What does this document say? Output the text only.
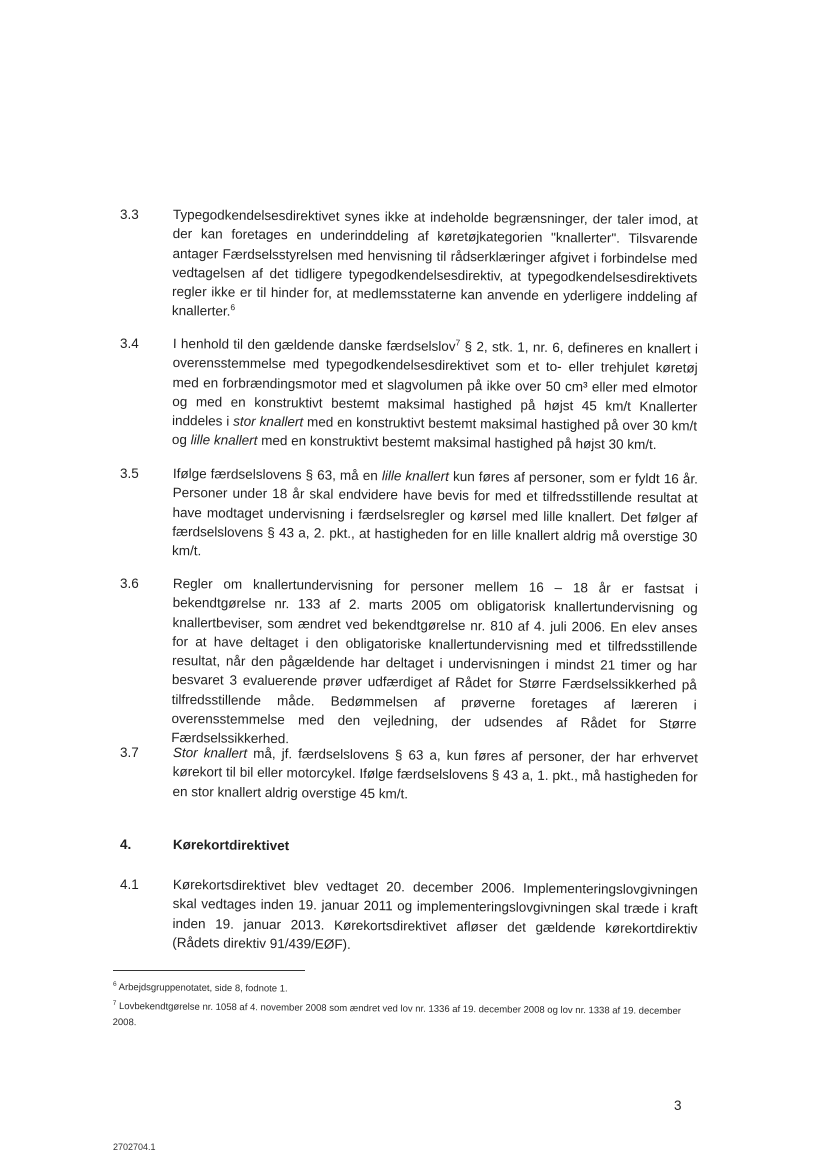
3.3	Typegodkendelsesdirektivet synes ikke at indeholde begrænsninger, der taler imod, at der kan foretages en underinddeling af køretøjkategorien "knallerter". Tilsvarende antager Færdselsstyrelsen med henvisning til rådserklæringer afgivet i forbindelse med vedtagelsen af det tidligere typegodkendelsesdirektiv, at typegodkendelsesdirektivets regler ikke er til hinder for, at medlemsstaterne kan anvende en yderligere inddeling af knallerter.$^6$
3.4	I henhold til den gældende danske færdselslov$^7$ § 2, stk. 1, nr. 6, defineres en knallert i overensstemmelse med typegodkendelsesdirektivet som et to- eller trehjulet køretøj med en forbrændingsmotor med et slagvolumen på ikke over 50 cm³ eller med elmotor og med en konstruktivt bestemt maksimal hastighed på højst 45 km/t Knallerter inddeles i stor knallert med en konstruktivt bestemt maksimal hastighed på over 30 km/t og lille knallert med en konstruktivt bestemt maksimal hastighed på højst 30 km/t.
3.5	Ifølge færdselslovens § 63, må en lille knallert kun føres af personer, som er fyldt 16 år. Personer under 18 år skal endvidere have bevis for med et tilfredsstillende resultat at have modtaget undervisning i færdselsregler og kørsel med lille knallert. Det følger af færdselslovens § 43 a, 2. pkt., at hastigheden for en lille knallert aldrig må overstige 30 km/t.
3.6	Regler om knallertundervisning for personer mellem 16 – 18 år er fastsat i bekendtgørelse nr. 133 af 2. marts 2005 om obligatorisk knallertundervisning og knallertbeviser, som ændret ved bekendtgørelse nr. 810 af 4. juli 2006. En elev anses for at have deltaget i den obligatoriske knallertundervisning med et tilfredsstillende resultat, når den pågældende har deltaget i undervisningen i mindst 21 timer og har besvaret 3 evaluerende prøver udfærdiget af Rådet for Større Færdselssikkerhed på tilfredsstillende måde. Bedømmelsen af prøverne foretages af læreren i overensstemmelse med den vejledning, der udsendes af Rådet for Større Færdselssikkerhed.
3.7	Stor knallert må, jf. færdselslovens § 63 a, kun føres af personer, der har erhvervet kørekort til bil eller motorcykel. Ifølge færdselslovens § 43 a, 1. pkt., må hastigheden for en stor knallert aldrig overstige 45 km/t.
4.	Kørekortdirektivet
4.1	Kørekortsdirektivet blev vedtaget 20. december 2006. Implementeringslovgivningen skal vedtages inden 19. januar 2011 og implementeringslovgivningen skal træde i kraft inden 19. januar 2013. Kørekortsdirektivet afløser det gældende kørekortdirektiv (Rådets direktiv 91/439/EØF).

$^6$ Arbejdsgruppenotatet, side 8, fodnote 1.

$^7$ Lovbekendtgørelse nr. 1058 af 4. november 2008 som ændret ved lov nr. 1336 af 19. december 2008 og lov nr. 1338 af 19. december 2008.

3
2702704.1
